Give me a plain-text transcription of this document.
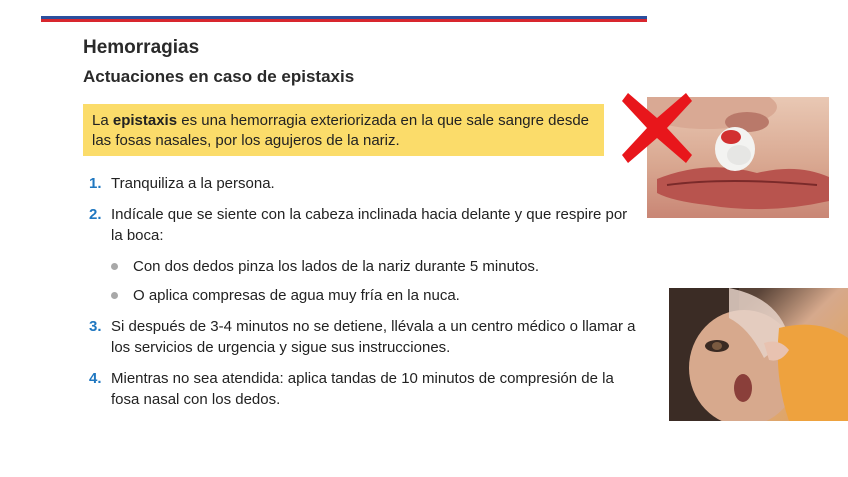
Hemorragias
Actuaciones en caso de epistaxis
La epistaxis es una hemorragia exteriorizada en la que sale sangre desde las fosas nasales, por los agujeros de la nariz.
1. Tranquiliza a la persona.
2. Indícale que se siente con la cabeza inclinada hacia delante y que respire por la boca:
Con dos dedos pinza los lados de la nariz durante 5 minutos.
O aplica compresas de agua muy fría en la nuca.
3. Si después de 3-4 minutos no se detiene, llévala a un centro médico o llamar a los servicios de urgencia y sigue sus instrucciones.
4. Mientras no sea atendida: aplica tandas de 10 minutos de compresión de la fosa nasal con los dedos.
